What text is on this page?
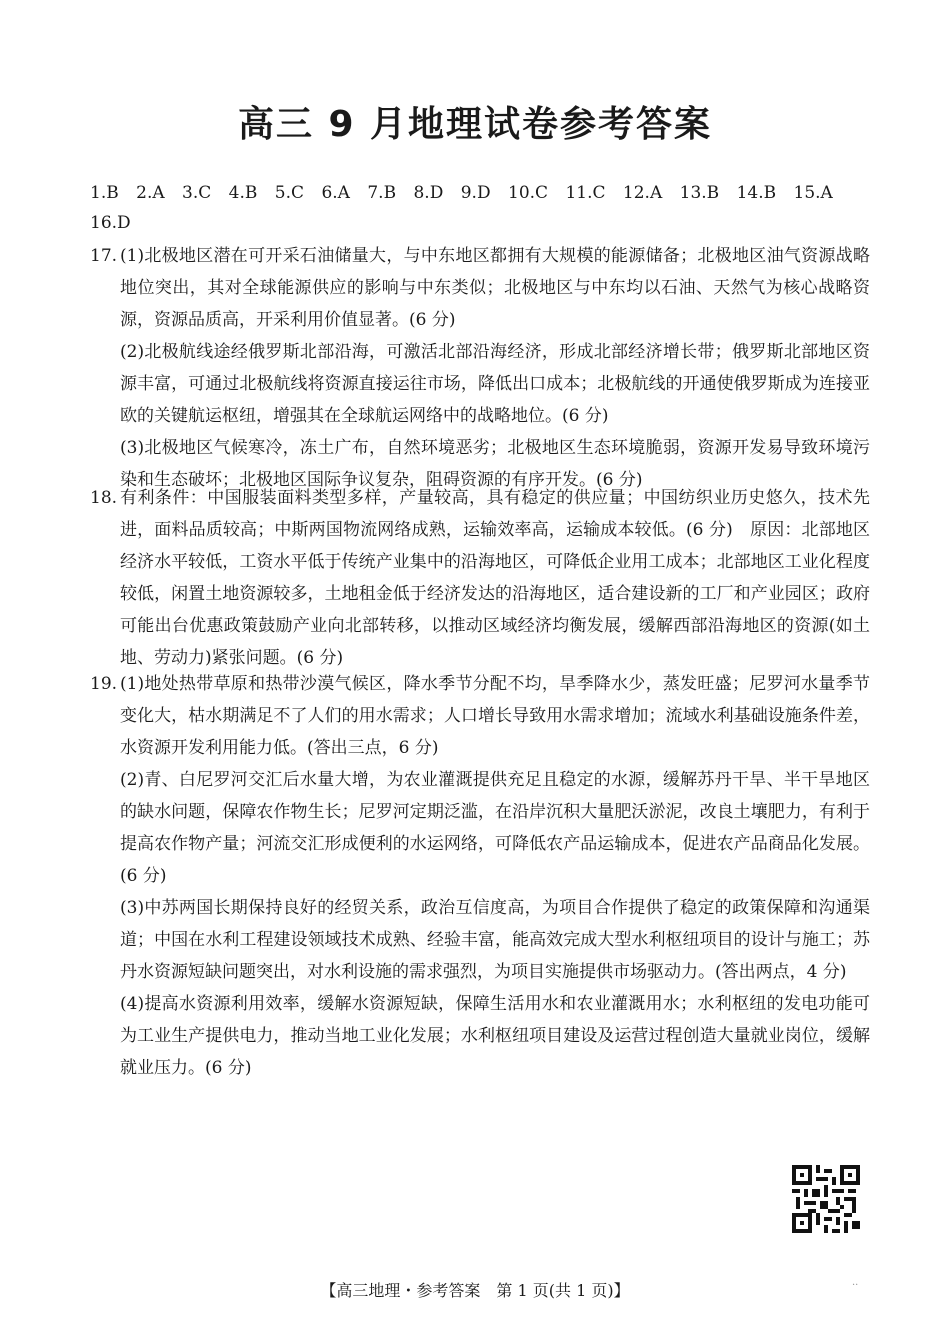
高三 9 月地理试卷参考答案
1.B 2.A 3.C 4.B 5.C 6.A 7.B 8.D 9.D 10.C 11.C 12.A 13.B 14.B 15.A 16.D
17. (1)北极地区潜在可开采石油储量大，与中东地区都拥有大规模的能源储备；北极地区油气资源战略地位突出，其对全球能源供应的影响与中东类似；北极地区与中东均以石油、天然气为核心战略资源，资源品质高，开采利用价值显著。(6 分)
(2)北极航线途经俄罗斯北部沿海，可激活北部沿海经济，形成北部经济增长带；俄罗斯北部地区资源丰富，可通过北极航线将资源直接运往市场，降低出口成本；北极航线的开通使俄罗斯成为连接亚欧的关键航运枢纽，增强其在全球航运网络中的战略地位。(6 分)
(3)北极地区气候寒冷，冻土广布，自然环境恶劣；北极地区生态环境脆弱，资源开发易导致环境污染和生态破坏；北极地区国际争议复杂，阻碍资源的有序开发。(6 分)
18. 有利条件：中国服装面料类型多样，产量较高，具有稳定的供应量；中国纺织业历史悠久，技术先进，面料品质较高；中斯两国物流网络成熟，运输效率高，运输成本较低。(6 分)　原因：北部地区经济水平较低，工资水平低于传统产业集中的沿海地区，可降低企业用工成本；北部地区工业化程度较低，闲置土地资源较多，土地租金低于经济发达的沿海地区，适合建设新的工厂和产业园区；政府可能出台优惠政策鼓励产业向北部转移，以推动区域经济均衡发展，缓解西部沿海地区的资源(如土地、劳动力)紧张问题。(6 分)
19. (1)地处热带草原和热带沙漠气候区，降水季节分配不均，旱季降水少，蒸发旺盛；尼罗河水量季节变化大，枯水期满足不了人们的用水需求；人口增长导致用水需求增加；流域水利基础设施条件差，水资源开发利用能力低。(答出三点，6 分)
(2)青、白尼罗河交汇后水量大增，为农业灌溉提供充足且稳定的水源，缓解苏丹干旱、半干旱地区的缺水问题，保障农作物生长；尼罗河定期泛滥，在沿岸沉积大量肥沃淤泥，改良土壤肥力，有利于提高农作物产量；河流交汇形成便利的水运网络，可降低农产品运输成本，促进农产品商品化发展。(6 分)
(3)中苏两国长期保持良好的经贸关系，政治互信度高，为项目合作提供了稳定的政策保障和沟通渠道；中国在水利工程建设领域技术成熟、经验丰富，能高效完成大型水利枢纽项目的设计与施工；苏丹水资源短缺问题突出，对水利设施的需求强烈，为项目实施提供市场驱动力。(答出两点，4 分)
(4)提高水资源利用效率，缓解水资源短缺，保障生活用水和农业灌溉用水；水利枢纽的发电功能可为工业生产提供电力，推动当地工业化发展；水利枢纽项目建设及运营过程创造大量就业岗位，缓解就业压力。(6 分)
【高三地理・参考答案　第 1 页(共 1 页)】	··
